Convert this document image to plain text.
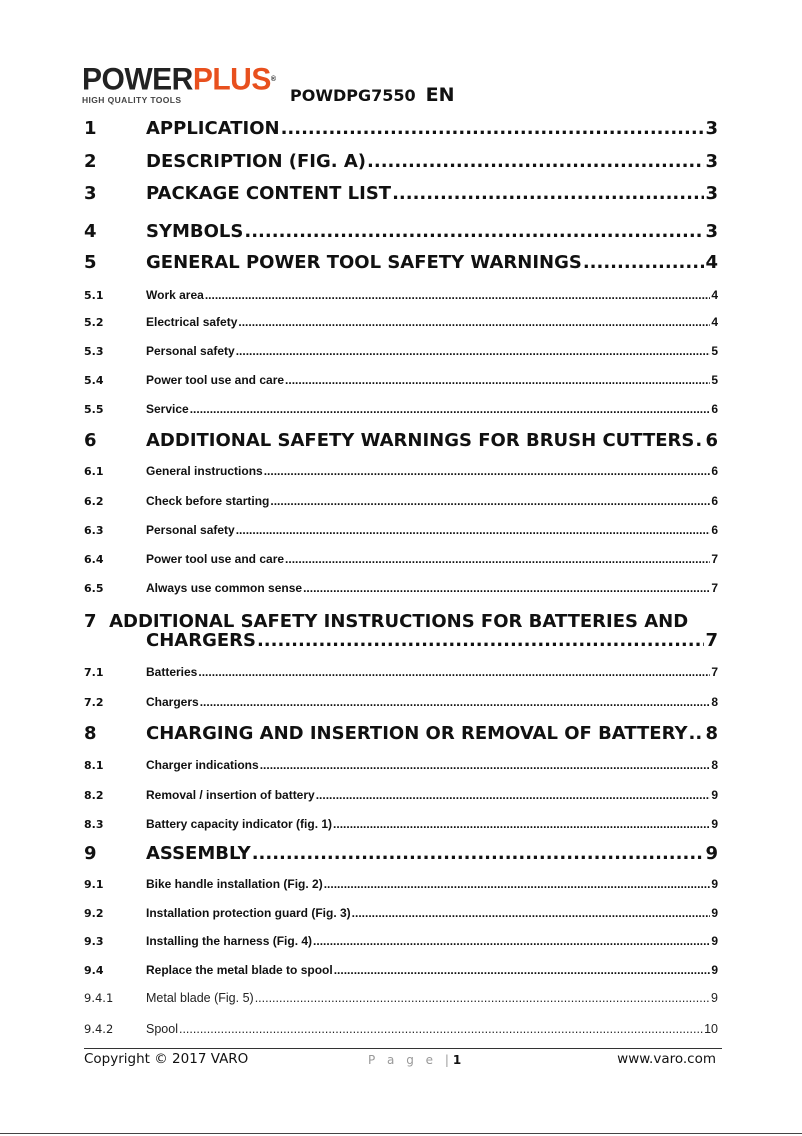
POWERPLUS®
HIGH QUALITY TOOLS	POWDPG7550 EN
1	APPLICATION .....	3
2	DESCRIPTION (FIG. A) .....	3
3	PACKAGE CONTENT LIST .....	3
4	SYMBOLS .....	3
5	GENERAL POWER TOOL SAFETY WARNINGS .....	4
5.1	Work area .....	4
5.2	Electrical safety .....	4
5.3	Personal safety .....	5
5.4	Power tool use and care .....	5
5.5	Service .....	6
6	ADDITIONAL SAFETY WARNINGS FOR BRUSH CUTTERS ..... 6
6.1	General instructions .....	6
6.2	Check before starting .....	6
6.3	Personal safety .....	6
6.4	Power tool use and care .....	7
6.5	Always use common sense .....	7
7 ADDITIONAL SAFETY INSTRUCTIONS FOR BATTERIES AND
CHARGERS .....	7
7.1	Batteries .....	7
7.2	Chargers .....	8
8	CHARGING AND INSERTION OR REMOVAL OF BATTERY ..... 8
8.1	Charger indications .....	8
8.2	Removal / insertion of battery .....	9
8.3	Battery capacity indicator (fig. 1) .....	9
9	ASSEMBLY .....	9
9.1	Bike handle installation (Fig. 2) .....	9
9.2	Installation protection guard (Fig. 3) .....	9
9.3	Installing the harness (Fig. 4) .....	9
9.4	Replace the metal blade to spool .....	9
9.4.1	Metal blade (Fig. 5) .....	9
9.4.2	Spool .....	10
Copyright © 2017 VARO	P a g e |1	www.varo.com
